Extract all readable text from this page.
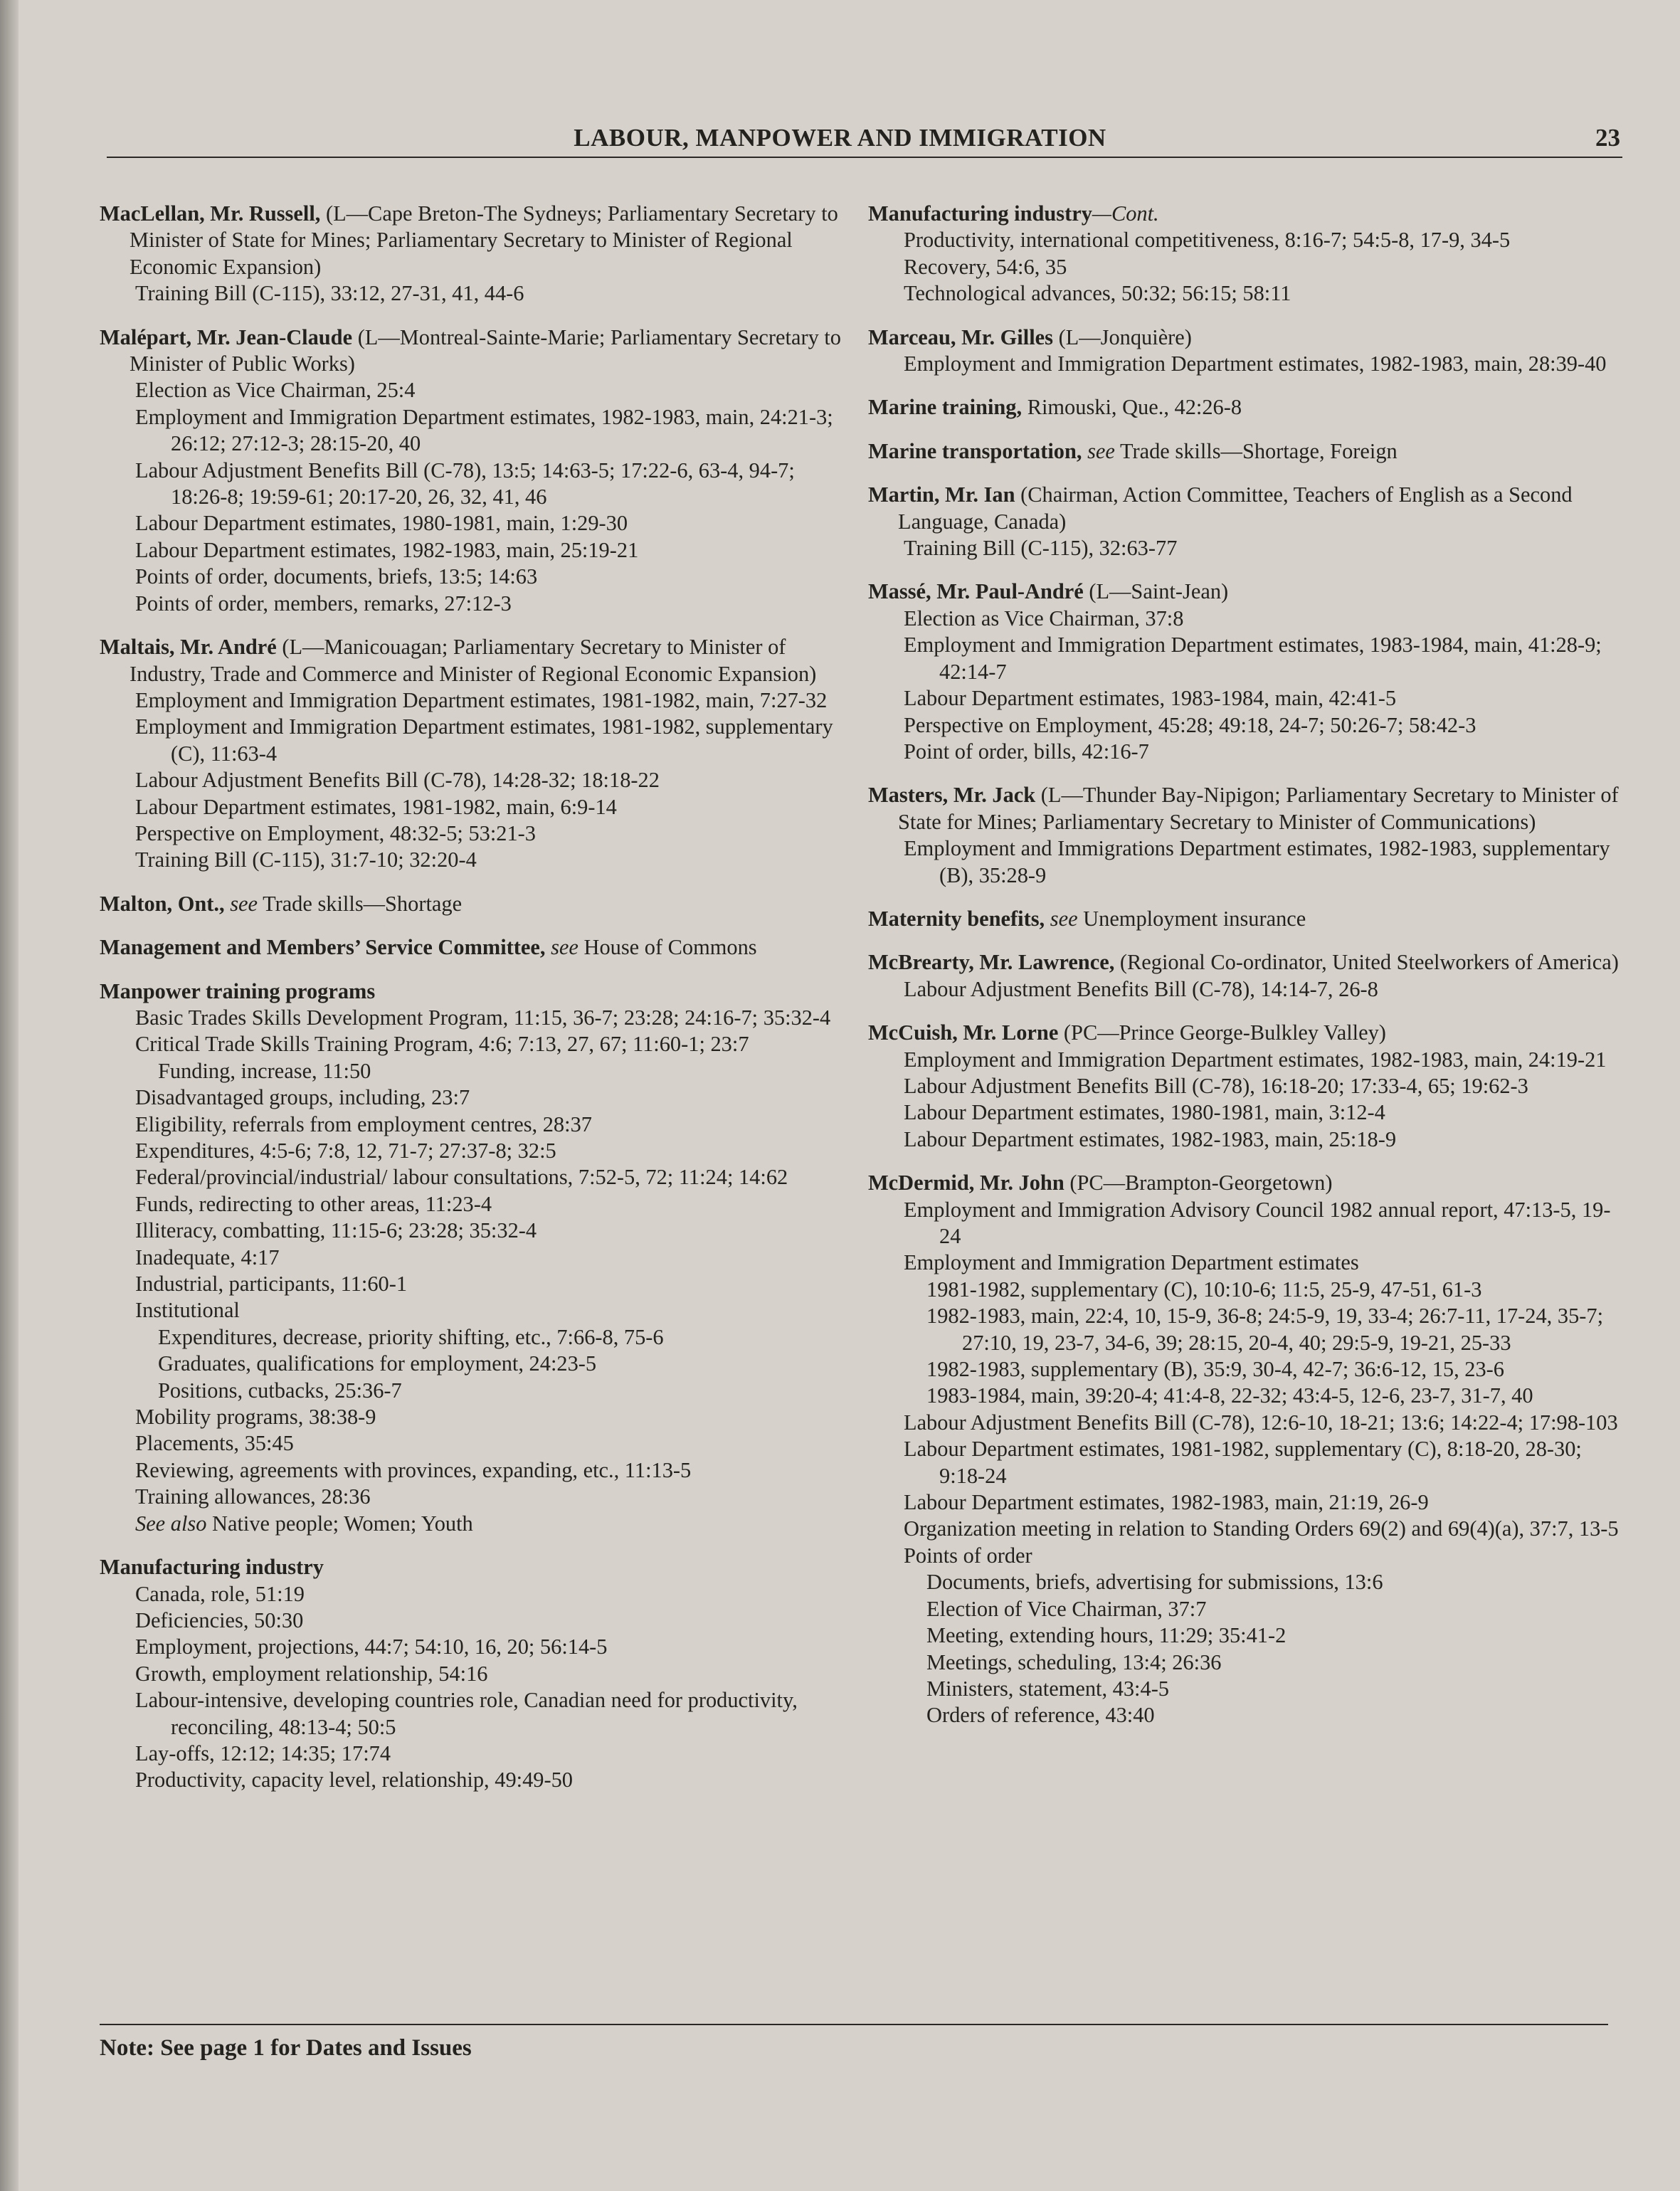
LABOUR, MANPOWER AND IMMIGRATION	23
MacLellan, Mr. Russell, (L—Cape Breton-The Sydneys; Parliamentary Secretary to Minister of State for Mines; Parliamentary Secretary to Minister of Regional Economic Expansion)
Training Bill (C-115), 33:12, 27-31, 41, 44-6
Malépart, Mr. Jean-Claude (L—Montreal-Sainte-Marie; Parliamentary Secretary to Minister of Public Works)
Election as Vice Chairman, 25:4
Employment and Immigration Department estimates, 1982-1983, main, 24:21-3; 26:12; 27:12-3; 28:15-20, 40
Labour Adjustment Benefits Bill (C-78), 13:5; 14:63-5; 17:22-6, 63-4, 94-7; 18:26-8; 19:59-61; 20:17-20, 26, 32, 41, 46
Labour Department estimates, 1980-1981, main, 1:29-30
Labour Department estimates, 1982-1983, main, 25:19-21
Points of order, documents, briefs, 13:5; 14:63
Points of order, members, remarks, 27:12-3
Maltais, Mr. André (L—Manicouagan; Parliamentary Secretary to Minister of Industry, Trade and Commerce and Minister of Regional Economic Expansion)
Employment and Immigration Department estimates, 1981-1982, main, 7:27-32
Employment and Immigration Department estimates, 1981-1982, supplementary (C), 11:63-4
Labour Adjustment Benefits Bill (C-78), 14:28-32; 18:18-22
Labour Department estimates, 1981-1982, main, 6:9-14
Perspective on Employment, 48:32-5; 53:21-3
Training Bill (C-115), 31:7-10; 32:20-4
Malton, Ont., see Trade skills—Shortage
Management and Members’ Service Committee, see House of Commons
Manpower training programs
Basic Trades Skills Development Program, 11:15, 36-7; 23:28; 24:16-7; 35:32-4
Critical Trade Skills Training Program, 4:6; 7:13, 27, 67; 11:60-1; 23:7
Funding, increase, 11:50
Disadvantaged groups, including, 23:7
Eligibility, referrals from employment centres, 28:37
Expenditures, 4:5-6; 7:8, 12, 71-7; 27:37-8; 32:5
Federal/provincial/industrial/ labour consultations, 7:52-5, 72; 11:24; 14:62
Funds, redirecting to other areas, 11:23-4
Illiteracy, combatting, 11:15-6; 23:28; 35:32-4
Inadequate, 4:17
Industrial, participants, 11:60-1
Institutional
Expenditures, decrease, priority shifting, etc., 7:66-8, 75-6
Graduates, qualifications for employment, 24:23-5
Positions, cutbacks, 25:36-7
Mobility programs, 38:38-9
Placements, 35:45
Reviewing, agreements with provinces, expanding, etc., 11:13-5
Training allowances, 28:36
See also Native people; Women; Youth
Manufacturing industry
Canada, role, 51:19
Deficiencies, 50:30
Employment, projections, 44:7; 54:10, 16, 20; 56:14-5
Growth, employment relationship, 54:16
Labour-intensive, developing countries role, Canadian need for productivity, reconciling, 48:13-4; 50:5
Lay-offs, 12:12; 14:35; 17:74
Productivity, capacity level, relationship, 49:49-50
Manufacturing industry—Cont.
Productivity, international competitiveness, 8:16-7; 54:5-8, 17-9, 34-5
Recovery, 54:6, 35
Technological advances, 50:32; 56:15; 58:11
Marceau, Mr. Gilles (L—Jonquière)
Employment and Immigration Department estimates, 1982-1983, main, 28:39-40
Marine training, Rimouski, Que., 42:26-8
Marine transportation, see Trade skills—Shortage, Foreign
Martin, Mr. Ian (Chairman, Action Committee, Teachers of English as a Second Language, Canada)
Training Bill (C-115), 32:63-77
Massé, Mr. Paul-André (L—Saint-Jean)
Election as Vice Chairman, 37:8
Employment and Immigration Department estimates, 1983-1984, main, 41:28-9; 42:14-7
Labour Department estimates, 1983-1984, main, 42:41-5
Perspective on Employment, 45:28; 49:18, 24-7; 50:26-7; 58:42-3
Point of order, bills, 42:16-7
Masters, Mr. Jack (L—Thunder Bay-Nipigon; Parliamentary Secretary to Minister of State for Mines; Parliamentary Secretary to Minister of Communications)
Employment and Immigrations Department estimates, 1982-1983, supplementary (B), 35:28-9
Maternity benefits, see Unemployment insurance
McBrearty, Mr. Lawrence, (Regional Co-ordinator, United Steelworkers of America)
Labour Adjustment Benefits Bill (C-78), 14:14-7, 26-8
McCuish, Mr. Lorne (PC—Prince George-Bulkley Valley)
Employment and Immigration Department estimates, 1982-1983, main, 24:19-21
Labour Adjustment Benefits Bill (C-78), 16:18-20; 17:33-4, 65; 19:62-3
Labour Department estimates, 1980-1981, main, 3:12-4
Labour Department estimates, 1982-1983, main, 25:18-9
McDermid, Mr. John (PC—Brampton-Georgetown)
Employment and Immigration Advisory Council 1982 annual report, 47:13-5, 19-24
Employment and Immigration Department estimates
1981-1982, supplementary (C), 10:10-6; 11:5, 25-9, 47-51, 61-3
1982-1983, main, 22:4, 10, 15-9, 36-8; 24:5-9, 19, 33-4; 26:7-11, 17-24, 35-7; 27:10, 19, 23-7, 34-6, 39; 28:15, 20-4, 40; 29:5-9, 19-21, 25-33
1982-1983, supplementary (B), 35:9, 30-4, 42-7; 36:6-12, 15, 23-6
1983-1984, main, 39:20-4; 41:4-8, 22-32; 43:4-5, 12-6, 23-7, 31-7, 40
Labour Adjustment Benefits Bill (C-78), 12:6-10, 18-21; 13:6; 14:22-4; 17:98-103
Labour Department estimates, 1981-1982, supplementary (C), 8:18-20, 28-30; 9:18-24
Labour Department estimates, 1982-1983, main, 21:19, 26-9
Organization meeting in relation to Standing Orders 69(2) and 69(4)(a), 37:7, 13-5
Points of order
Documents, briefs, advertising for submissions, 13:6
Election of Vice Chairman, 37:7
Meeting, extending hours, 11:29; 35:41-2
Meetings, scheduling, 13:4; 26:36
Ministers, statement, 43:4-5
Orders of reference, 43:40
Note: See page 1 for Dates and Issues
